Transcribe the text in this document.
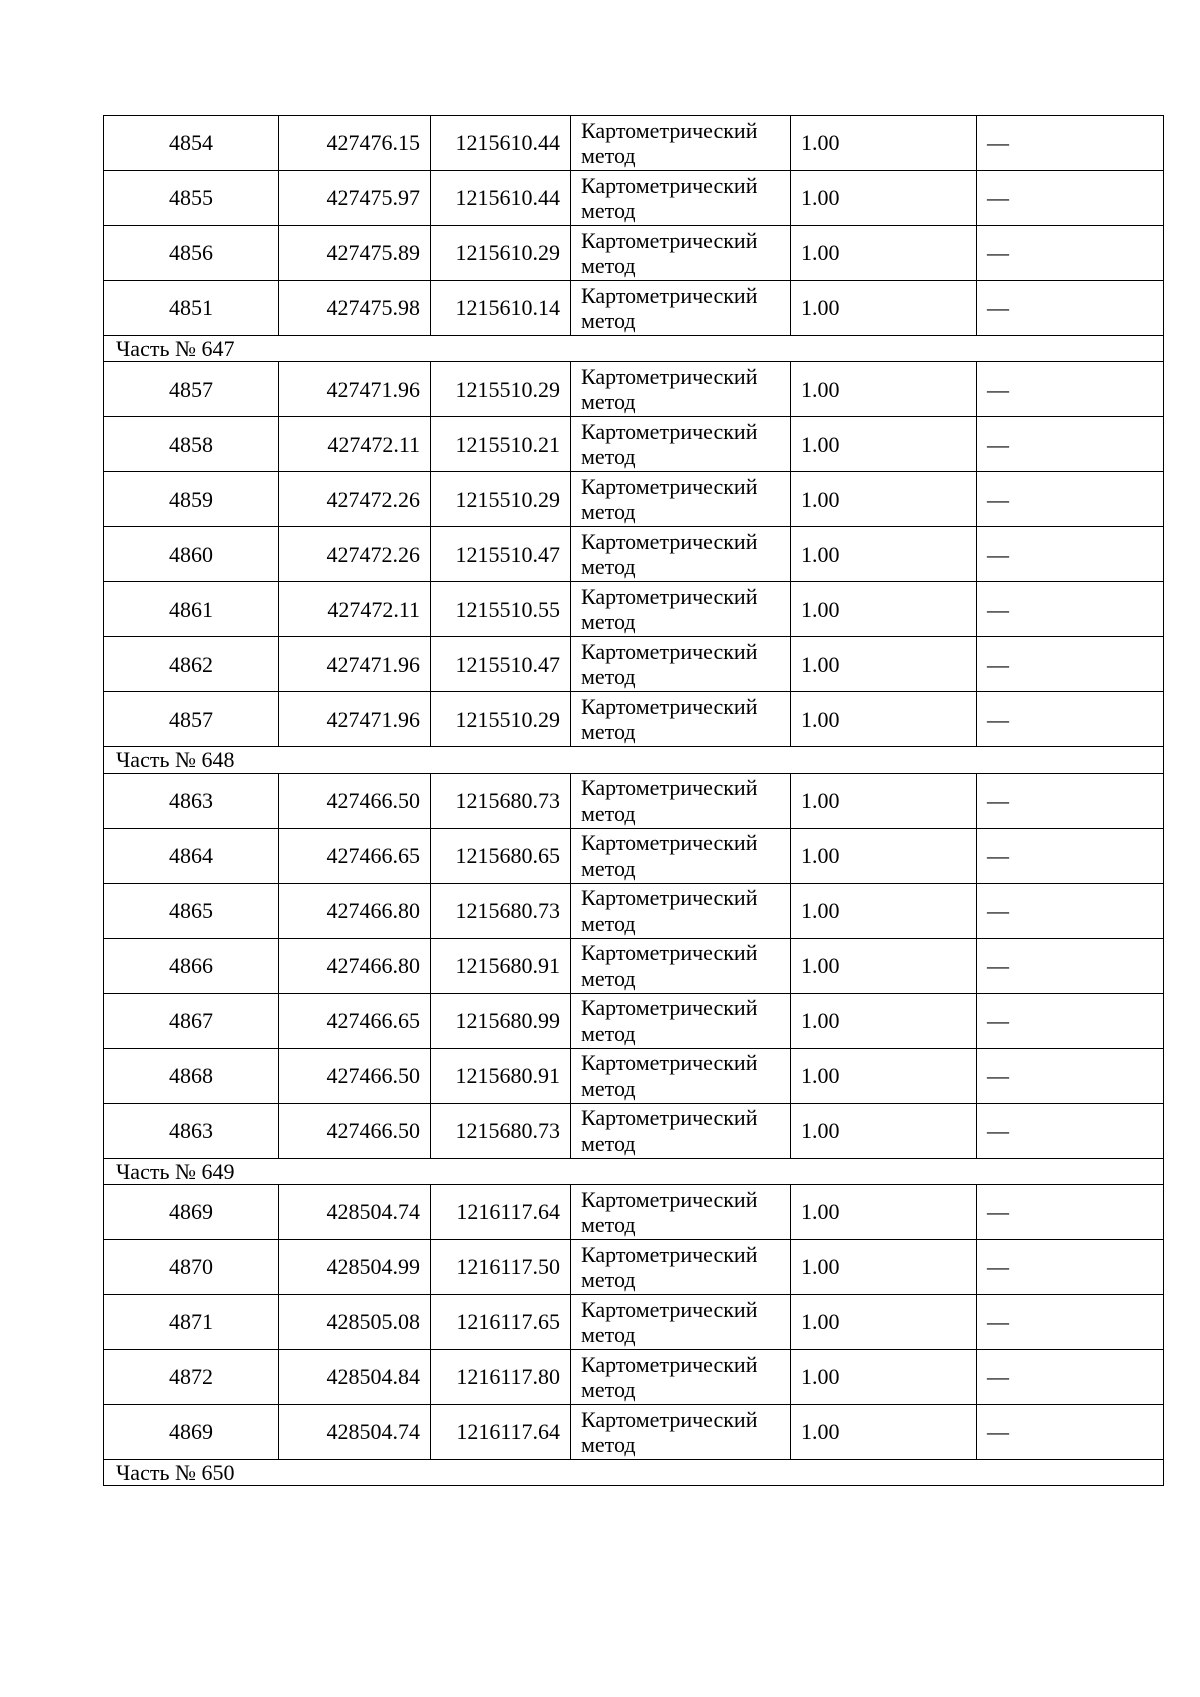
4854	427476.15	1215610.44	Картометрический метод	1.00	—
4855	427475.97	1215610.44	Картометрический метод	1.00	—
4856	427475.89	1215610.29	Картометрический метод	1.00	—
4851	427475.98	1215610.14	Картометрический метод	1.00	—
Часть № 647					
4857	427471.96	1215510.29	Картометрический метод	1.00	—
4858	427472.11	1215510.21	Картометрический метод	1.00	—
4859	427472.26	1215510.29	Картометрический метод	1.00	—
4860	427472.26	1215510.47	Картометрический метод	1.00	—
4861	427472.11	1215510.55	Картометрический метод	1.00	—
4862	427471.96	1215510.47	Картометрический метод	1.00	—
4857	427471.96	1215510.29	Картометрический метод	1.00	—
Часть № 648					
4863	427466.50	1215680.73	Картометрический метод	1.00	—
4864	427466.65	1215680.65	Картометрический метод	1.00	—
4865	427466.80	1215680.73	Картометрический метод	1.00	—
4866	427466.80	1215680.91	Картометрический метод	1.00	—
4867	427466.65	1215680.99	Картометрический метод	1.00	—
4868	427466.50	1215680.91	Картометрический метод	1.00	—
4863	427466.50	1215680.73	Картометрический метод	1.00	—
Часть № 649					
4869	428504.74	1216117.64	Картометрический метод	1.00	—
4870	428504.99	1216117.50	Картометрический метод	1.00	—
4871	428505.08	1216117.65	Картометрический метод	1.00	—
4872	428504.84	1216117.80	Картометрический метод	1.00	—
4869	428504.74	1216117.64	Картометрический метод	1.00	—
Часть № 650					
